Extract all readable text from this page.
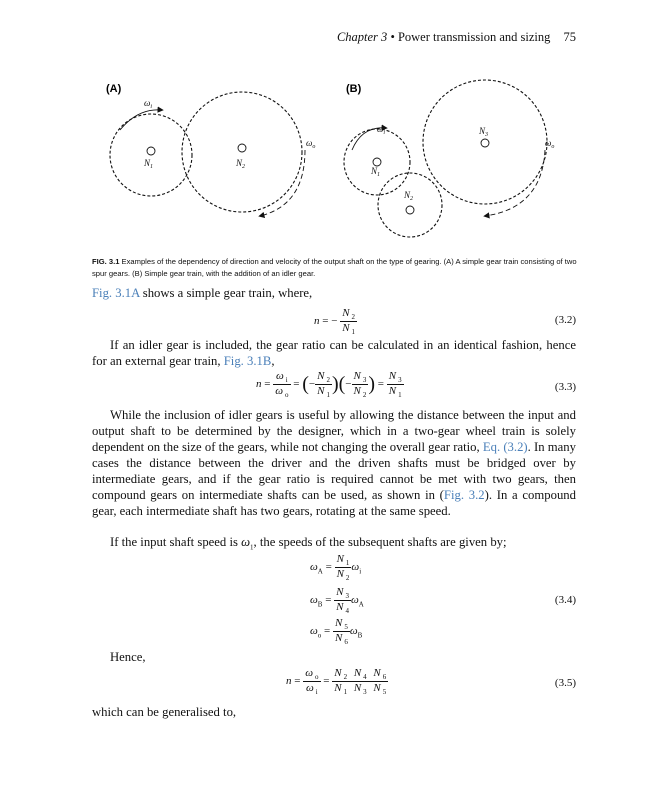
Chapter 3 • Power transmission and sizing 75
(A)	(B)
$N_1$	$N_2$
$\omega_i$
$\omega_o$
$N_1$
$N_2$
$N_3$
$\omega_i$
$\omega_o$
FIG. 3.1 Examples of the dependency of direction and velocity of the output shaft on the type of gearing. (A) A simple gear train consisting of two spur gears. (B) Simple gear train, with the addition of an idler gear.
Fig. 3.1A shows a simple gear train, where,
n = − $\frac{N _2}{N _1}$	(3.2)
If an idler gear is included, the gear ratio can be calculated in an identical fashion, hence for an external gear train, Fig. 3.1B,
$n = \frac{\omega _i}{\omega _o}$ = (− $\frac{N _2}{N _1}$ )(− $\frac{N _3}{N _2}$ ) = $\frac{N _3}{N _1}$	(3.3)
While the inclusion of idler gears is useful by allowing the distance between the input and output shaft to be determined by the designer, which in a two-gear wheel train is solely dependent on the size of the gears, while not changing the overall gear ratio, Eq. (3.2). In many cases the distance between the driver and the driven shafts must be bridged over by intermediate gears, and if the gear ratio is required cannot be met with two gears, then compound gears on intermediate shafts can be used, as shown in (Fig. 3.2). In a compound gear, each intermediate shaft has two gears, rotating at the same speed.
If the input shaft speed is $\omega_1$, the speeds of the subsequent shafts are given by;
$\omega_A = \frac{N _1}{N _2} \omega_i$
$\omega_B = \frac{N _3}{N _4} \omega_A$	(3.4)
$\omega_o = \frac{N _5}{N _6} \omega_B$
Hence,
$n = \frac{\omega _o}{\omega _i} = \frac{N _2 N _4 N _6}{N _1 N _3 N _5}$	(3.5)
which can be generalised to,
